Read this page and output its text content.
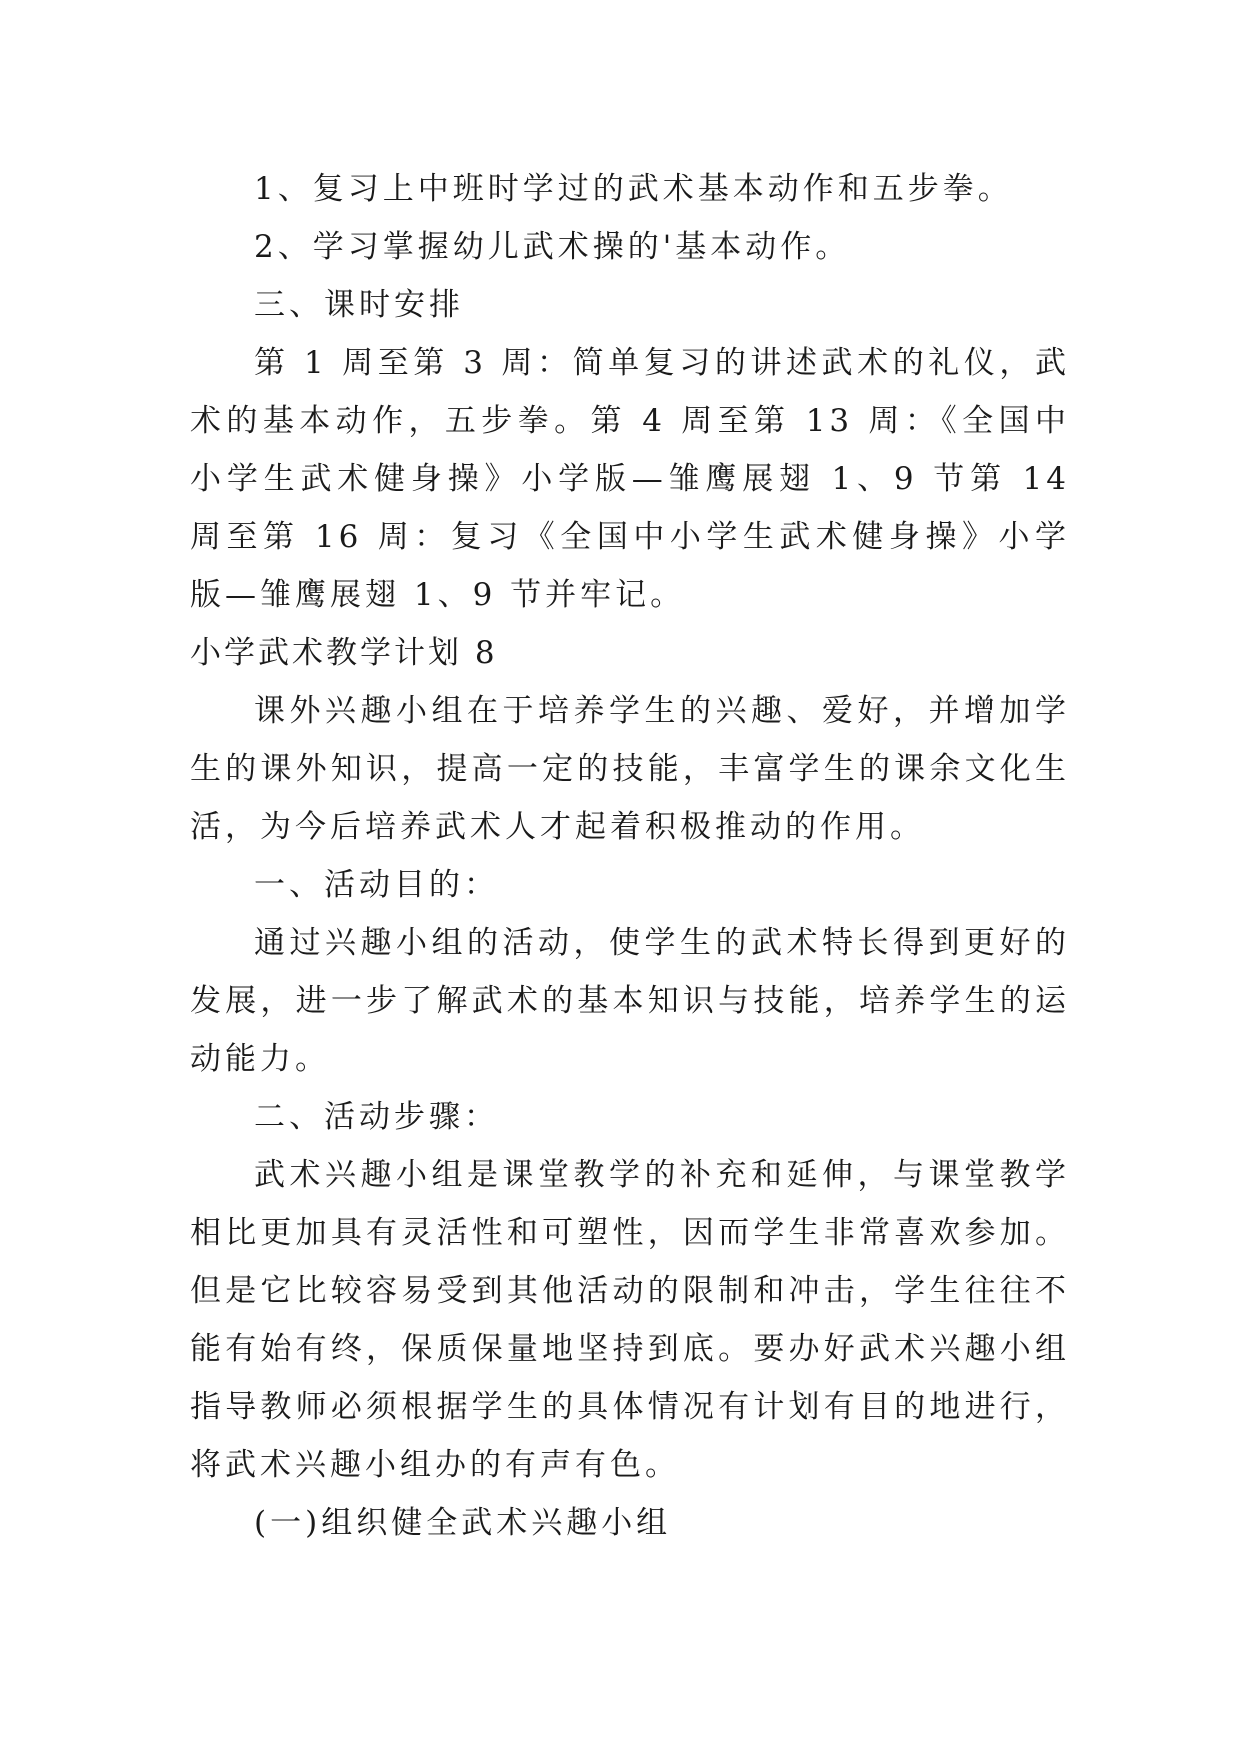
1、复习上中班时学过的武术基本动作和五步拳。

2、学习掌握幼儿武术操的'基本动作。

三、课时安排

第 1 周至第 3 周：简单复习的讲述武术的礼仪，武术的基本动作，五步拳。第 4 周至第 13 周：《全国中小学生武术健身操》小学版—雏鹰展翅 1、9 节第 14 周至第 16 周：复习《全国中小学生武术健身操》小学版—雏鹰展翅 1、9 节并牢记。

小学武术教学计划 8

课外兴趣小组在于培养学生的兴趣、爱好，并增加学生的课外知识，提高一定的技能，丰富学生的课余文化生活，为今后培养武术人才起着积极推动的作用。

一、活动目的：

通过兴趣小组的活动，使学生的武术特长得到更好的发展，进一步了解武术的基本知识与技能，培养学生的运动能力。

二、活动步骤：

武术兴趣小组是课堂教学的补充和延伸，与课堂教学相比更加具有灵活性和可塑性，因而学生非常喜欢参加。但是它比较容易受到其他活动的限制和冲击，学生往往不能有始有终，保质保量地坚持到底。要办好武术兴趣小组指导教师必须根据学生的具体情况有计划有目的地进行，将武术兴趣小组办的有声有色。

(一)组织健全武术兴趣小组
